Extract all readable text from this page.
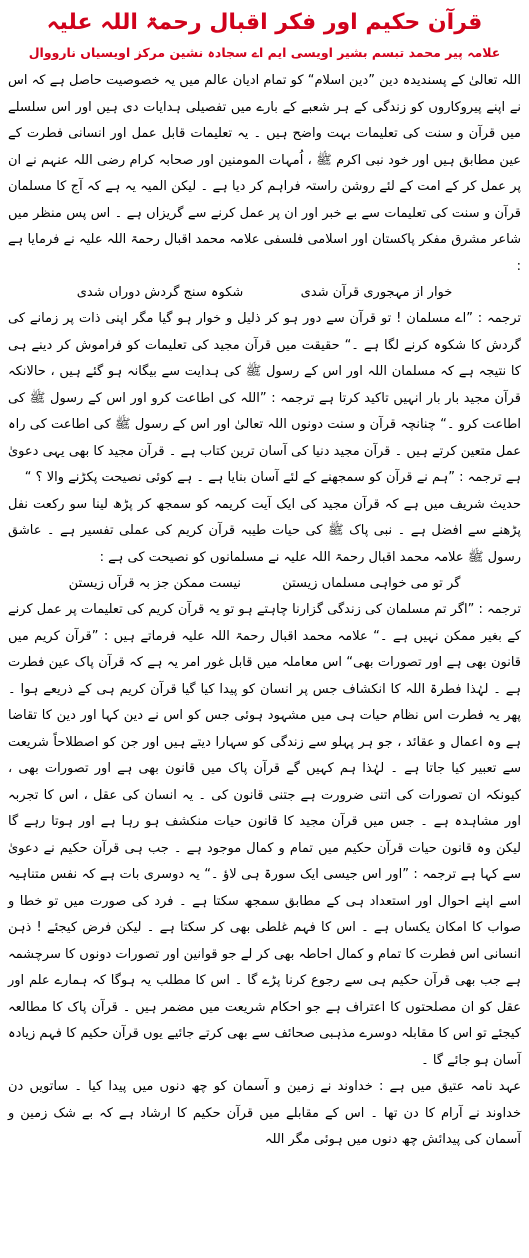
قرآن حکیم اور فکر اقبال رحمۃ اللہ علیہ
علامہ پیر محمد تبسم بشیر اویسی ایم اے سجادہ نشین مرکز اویسیاں نارووال

اللہ تعالیٰ کے پسندیدہ دین ”دین اسلام“ کو تمام ادیان عالم میں یہ خصوصیت حاصل ہے کہ اس نے اپنے پیروکاروں کو زندگی کے ہر شعبے کے بارے میں تفصیلی ہدایات دی ہیں اور اس سلسلے میں قرآن و سنت کی تعلیمات بہت واضح ہیں ۔ یہ تعلیمات قابل عمل اور انسانی فطرت کے عین مطابق ہیں اور خود نبی اکرم ﷺ ، اُمہات المومنین اور صحابہ کرام رضی اللہ عنہم نے ان پر عمل کر کے امت کے لئے روشن راستہ فراہم کر دیا ہے ۔ لیکن المیہ یہ ہے کہ آج کا مسلمان قرآن و سنت کی تعلیمات سے بے خبر اور ان پر عمل کرنے سے گریزاں ہے ۔ اس پس منظر میں شاعر مشرق مفکر پاکستان اور اسلامی فلسفی علامہ محمد اقبال رحمۃ اللہ علیہ نے فرمایا ہے :

خوار از مہجوری قرآن شدی
شکوہ سنج گردش دوراں شدی

ترجمہ : ”اے مسلمان ! تو قرآن سے دور ہو کر ذلیل و خوار ہو گیا مگر اپنی ذات پر زمانے کی گردش کا شکوہ کرنے لگا ہے ۔“ حقیقت میں قرآن مجید کی تعلیمات کو فراموش کر دینے ہی کا نتیجہ ہے کہ مسلمان اللہ اور اس کے رسول ﷺ کی ہدایت سے بیگانہ ہو گئے ہیں ، حالانکہ قرآن مجید بار بار انہیں تاکید کرتا ہے ترجمہ : ”اللہ کی اطاعت کرو اور اس کے رسول ﷺ کی اطاعت کرو ۔“ چنانچہ قرآن و سنت دونوں اللہ تعالیٰ اور اس کے رسول ﷺ کی اطاعت کی راہ عمل متعین کرتے ہیں ۔ قرآن مجید دنیا کی آسان ترین کتاب ہے ۔ قرآن مجید کا بھی یہی دعویٰ ہے ترجمہ : ”ہم نے قرآن کو سمجھنے کے لئے آسان بنایا ہے ۔ ہے کوئی نصیحت پکڑنے والا ؟ “

حدیث شریف میں ہے کہ قرآن مجید کی ایک آیت کریمہ کو سمجھ کر پڑھ لینا سو رکعت نفل پڑھنے سے افضل ہے ۔ نبی پاک ﷺ کی حیات طیبہ قرآن کریم کی عملی تفسیر ہے ۔ عاشق رسول ﷺ علامہ محمد اقبال رحمۃ اللہ علیہ نے مسلمانوں کو نصیحت کی ہے :

گر تو می خواہی مسلماں زیستن
نیست ممکن جز بہ قرآں زیستن

ترجمہ : ”اگر تم مسلمان کی زندگی گزارنا چاہتے ہو تو یہ قرآن کریم کی تعلیمات پر عمل کرنے کے بغیر ممکن نہیں ہے ۔“ علامہ محمد اقبال رحمۃ اللہ علیہ فرماتے ہیں : ”قرآن کریم میں قانون بھی ہے اور تصورات بھی“ اس معاملہ میں قابل غور امر یہ ہے کہ قرآن پاک عین فطرت ہے ۔ لہٰذا فطرۃ اللہ کا انکشاف جس پر انسان کو پیدا کیا گیا قرآن کریم ہی کے ذریعے ہوا ۔ پھر یہ فطرت اس نظام حیات ہی میں مشہود ہوئی جس کو اس نے دین کہا اور دین کا تقاضا ہے وہ اعمال و عقائد ، جو ہر پہلو سے زندگی کو سہارا دیتے ہیں اور جن کو اصطلاحاً شریعت سے تعبیر کیا جاتا ہے ۔ لہٰذا ہم کہیں گے قرآن پاک میں قانون بھی ہے اور تصورات بھی ، کیونکہ ان تصورات کی اتنی ضرورت ہے جتنی قانون کی ۔ یہ انسان کی عقل ، اس کا تجربہ اور مشاہدہ ہے ۔ جس میں قرآن مجید کا قانون حیات منکشف ہو رہا ہے اور ہوتا رہے گا لیکن وہ قانون حیات قرآن حکیم میں تمام و کمال موجود ہے ۔ جب ہی قرآن حکیم نے دعویٰ سے کہا ہے ترجمہ : ”اور اس جیسی ایک سورۃ ہی لاؤ ۔“ یہ دوسری بات ہے کہ نفس متناہیہ اسے اپنے احوال اور استعداد ہی کے مطابق سمجھ سکتا ہے ۔ فرد کی صورت میں تو خطا و صواب کا امکان یکساں ہے ۔ اس کا فہم غلطی بھی کر سکتا ہے ۔ لیکن فرض کیجئے ! ذہن انسانی اس فطرت کا تمام و کمال احاطہ بھی کر لے جو قوانین اور تصورات دونوں کا سرچشمہ ہے جب بھی قرآن حکیم ہی سے رجوع کرنا پڑے گا ۔ اس کا مطلب یہ ہوگا کہ ہمارے علم اور عقل کو ان مصلحتوں کا اعتراف ہے جو احکام شریعت میں مضمر ہیں ۔ قرآن پاک کا مطالعہ کیجئے تو اس کا مقابلہ دوسرے مذہبی صحائف سے بھی کرتے جائیے یوں قرآن حکیم کا فہم زیادہ آسان ہو جائے گا ۔

عہد نامہ عتیق میں ہے : خداوند نے زمین و آسمان کو چھ دنوں میں پیدا کیا ۔ ساتویں دن خداوند نے آرام کا دن تھا ۔ اس کے مقابلے میں قرآن حکیم کا ارشاد ہے کہ بے شک زمین و آسمان کی پیدائش چھ دنوں میں ہوئی مگر اللہ
